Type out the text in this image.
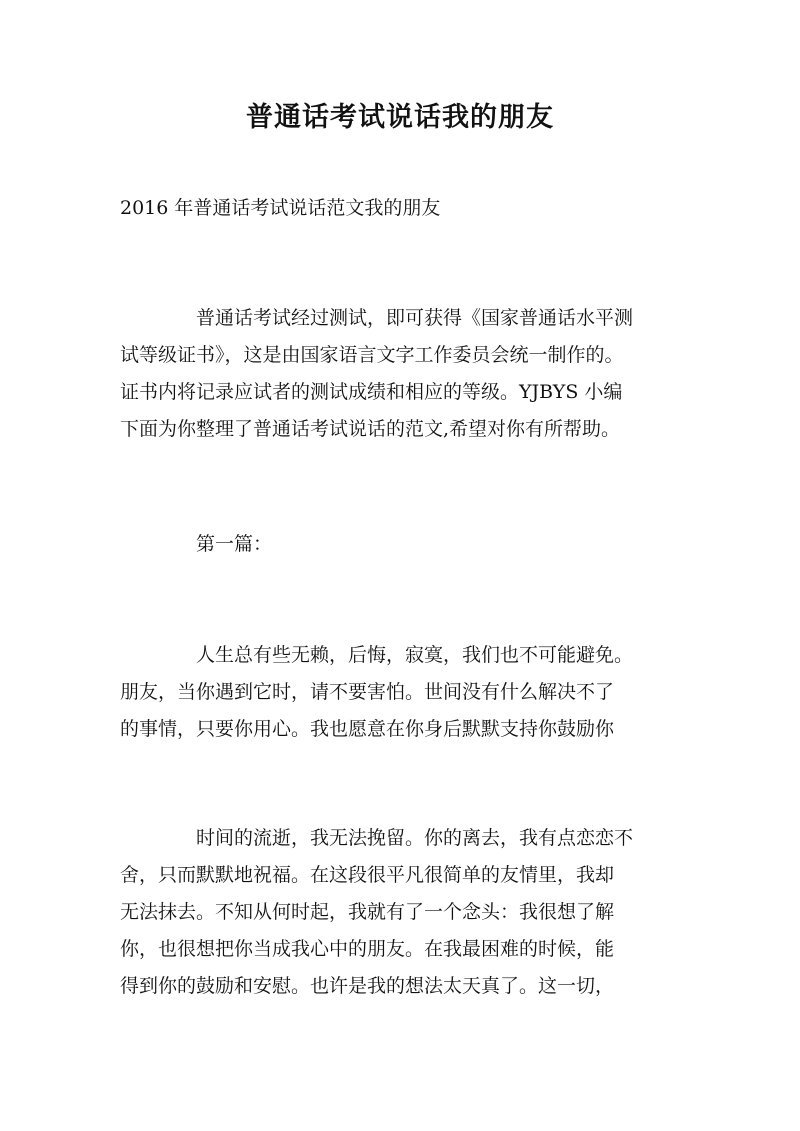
普通话考试说话我的朋友
2016 年普通话考试说话范文我的朋友
普通话考试经过测试，即可获得《国家普通话水平测
试等级证书》，这是由国家语言文字工作委员会统一制作的。
证书内将记录应试者的测试成绩和相应的等级。YJBYS 小编
下面为你整理了普通话考试说话的范文,希望对你有所帮助。
第一篇：
人生总有些无赖，后悔，寂寞，我们也不可能避免。
朋友，当你遇到它时，请不要害怕。世间没有什么解决不了
的事情，只要你用心。我也愿意在你身后默默支持你鼓励你
时间的流逝，我无法挽留。你的离去，我有点恋恋不
舍，只而默默地祝福。在这段很平凡很简单的友情里，我却
无法抹去。不知从何时起，我就有了一个念头：我很想了解
你，也很想把你当成我心中的朋友。在我最困难的时候，能
得到你的鼓励和安慰。也许是我的想法太天真了。这一切，
